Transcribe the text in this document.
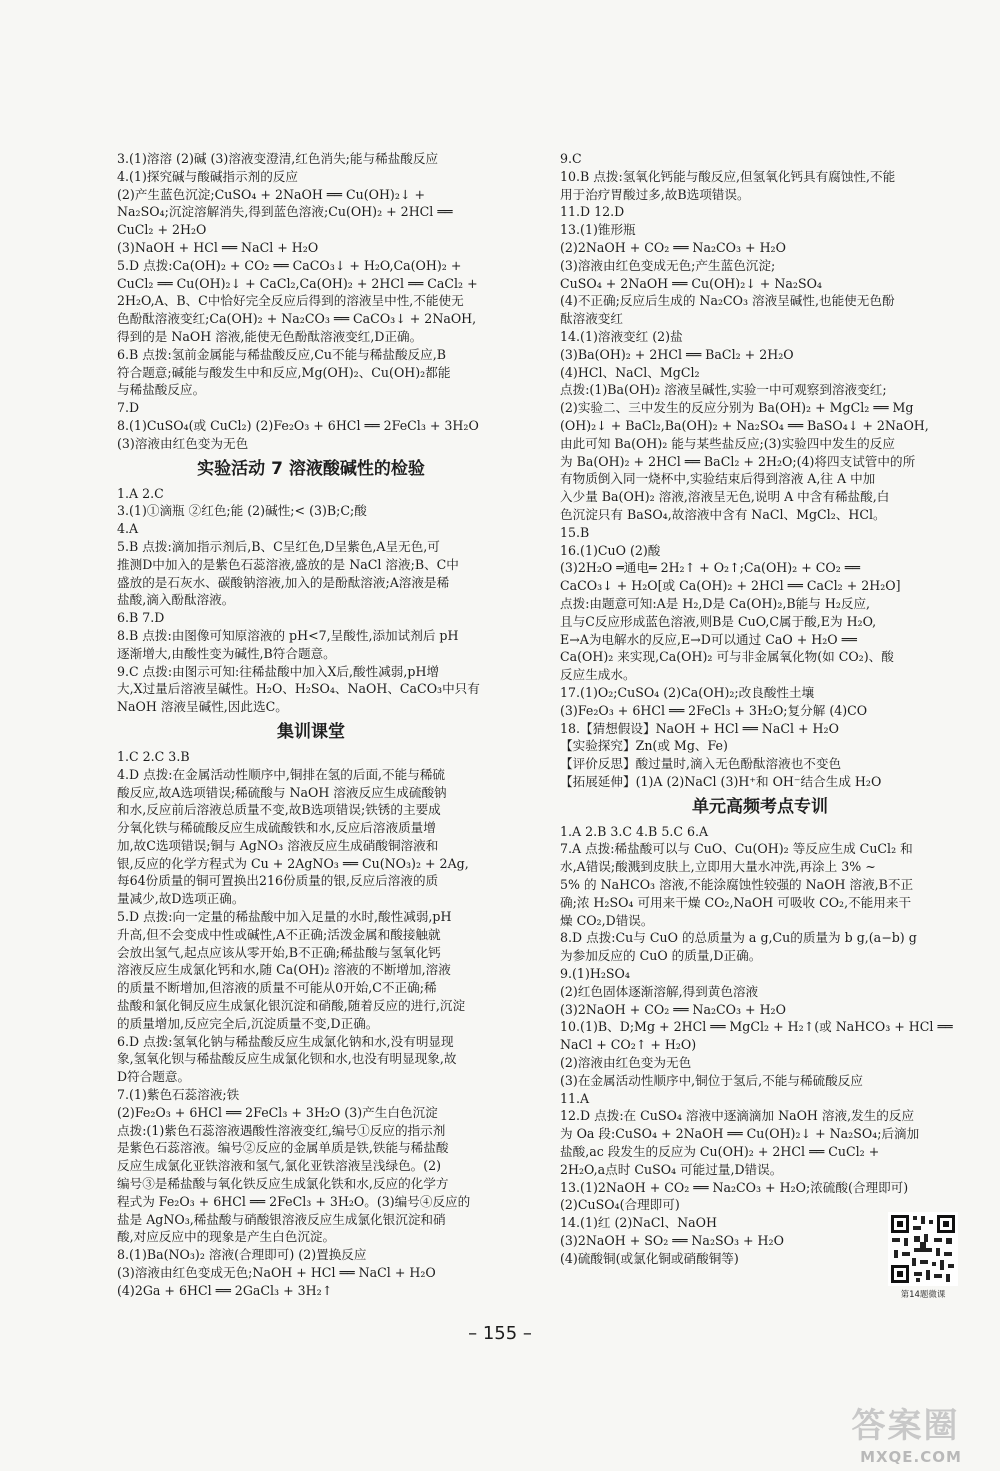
3.(1)溶溶 (2)碱 (3)溶液变澄清,红色消失;能与稀盐酸反应
4.(1)探究碱与酸碱指示剂的反应
(2)产生蓝色沉淀;CuSO₄ + 2NaOH ══ Cu(OH)₂↓ +
Na₂SO₄;沉淀溶解消失,得到蓝色溶液;Cu(OH)₂ + 2HCl ══
CuCl₂ + 2H₂O
(3)NaOH + HCl ══ NaCl + H₂O
5.D 点拨:Ca(OH)₂ + CO₂ ══ CaCO₃↓ + H₂O,Ca(OH)₂ +
CuCl₂ ══ Cu(OH)₂↓ + CaCl₂,Ca(OH)₂ + 2HCl ══ CaCl₂ +
2H₂O,A、B、C中恰好完全反应后得到的溶液呈中性,不能使无
色酚酞溶液变红;Ca(OH)₂ + Na₂CO₃ ══ CaCO₃↓ + 2NaOH,
得到的是 NaOH 溶液,能使无色酚酞溶液变红,D正确。
6.B 点拨:氢前金属能与稀盐酸反应,Cu不能与稀盐酸反应,B
符合题意;碱能与酸发生中和反应,Mg(OH)₂、Cu(OH)₂都能
与稀盐酸反应。
7.D
8.(1)CuSO₄(或 CuCl₂) (2)Fe₂O₃ + 6HCl ══ 2FeCl₃ + 3H₂O
(3)溶液由红色变为无色
实验活动 7 溶液酸碱性的检验
1.A 2.C
3.(1)①滴瓶 ②红色;能 (2)碱性;< (3)B;C;酸
4.A
5.B 点拨:滴加指示剂后,B、C呈红色,D呈紫色,A呈无色,可
推测D中加入的是紫色石蕊溶液,盛放的是 NaCl 溶液;B、C中
盛放的是石灰水、碳酸钠溶液,加入的是酚酞溶液;A溶液是稀
盐酸,滴入酚酞溶液。
6.B 7.D
8.B 点拨:由图像可知原溶液的 pH<7,呈酸性,添加试剂后 pH
逐渐增大,由酸性变为碱性,B符合题意。
9.C 点拨:由图示可知:往稀盐酸中加入X后,酸性减弱,pH增
大,X过量后溶液呈碱性。H₂O、H₂SO₄、NaOH、CaCO₃中只有
NaOH 溶液呈碱性,因此选C。
集训课堂
1.C 2.C 3.B
4.D 点拨:在金属活动性顺序中,铜排在氢的后面,不能与稀硫
酸反应,故A选项错误;稀硫酸与 NaOH 溶液反应生成硫酸钠
和水,反应前后溶液总质量不变,故B选项错误;铁锈的主要成
分氧化铁与稀硫酸反应生成硫酸铁和水,反应后溶液质量增
加,故C选项错误;铜与 AgNO₃ 溶液反应生成硝酸铜溶液和
银,反应的化学方程式为 Cu + 2AgNO₃ ══ Cu(NO₃)₂ + 2Ag,
每64份质量的铜可置换出216份质量的银,反应后溶液的质
量减少,故D选项正确。
5.D 点拨:向一定量的稀盐酸中加入足量的水时,酸性减弱,pH
升高,但不会变成中性或碱性,A不正确;活泼金属和酸接触就
会放出氢气,起点应该从零开始,B不正确;稀盐酸与氢氧化钙
溶液反应生成氯化钙和水,随 Ca(OH)₂ 溶液的不断增加,溶液
的质量不断增加,但溶液的质量不可能从0开始,C不正确;稀
盐酸和氯化铜反应生成氯化银沉淀和硝酸,随着反应的进行,沉淀
的质量增加,反应完全后,沉淀质量不变,D正确。
6.D 点拨:氢氧化钠与稀盐酸反应生成氯化钠和水,没有明显现
象,氢氧化钡与稀盐酸反应生成氯化钡和水,也没有明显现象,故
D符合题意。
7.(1)紫色石蕊溶液;铁
(2)Fe₂O₃ + 6HCl ══ 2FeCl₃ + 3H₂O (3)产生白色沉淀
点拨:(1)紫色石蕊溶液遇酸性溶液变红,编号①反应的指示剂
是紫色石蕊溶液。编号②反应的金属单质是铁,铁能与稀盐酸
反应生成氯化亚铁溶液和氢气,氯化亚铁溶液呈浅绿色。(2)
编号③是稀盐酸与氧化铁反应生成氯化铁和水,反应的化学方
程式为 Fe₂O₃ + 6HCl ══ 2FeCl₃ + 3H₂O。(3)编号④反应的
盐是 AgNO₃,稀盐酸与硝酸银溶液反应生成氯化银沉淀和硝
酸,对应反应中的现象是产生白色沉淀。
8.(1)Ba(NO₃)₂ 溶液(合理即可) (2)置换反应
(3)溶液由红色变成无色;NaOH + HCl ══ NaCl + H₂O
(4)2Ga + 6HCl ══ 2GaCl₃ + 3H₂↑
9.C
10.B 点拨:氢氧化钙能与酸反应,但氢氧化钙具有腐蚀性,不能
用于治疗胃酸过多,故B选项错误。
11.D 12.D
13.(1)锥形瓶
(2)2NaOH + CO₂ ══ Na₂CO₃ + H₂O
(3)溶液由红色变成无色;产生蓝色沉淀;
CuSO₄ + 2NaOH ══ Cu(OH)₂↓ + Na₂SO₄
(4)不正确;反应后生成的 Na₂CO₃ 溶液呈碱性,也能使无色酚
酞溶液变红
14.(1)溶液变红 (2)盐
(3)Ba(OH)₂ + 2HCl ══ BaCl₂ + 2H₂O
(4)HCl、NaCl、MgCl₂
点拨:(1)Ba(OH)₂ 溶液呈碱性,实验一中可观察到溶液变红;
(2)实验二、三中发生的反应分别为 Ba(OH)₂ + MgCl₂ ══ Mg
(OH)₂↓ + BaCl₂,Ba(OH)₂ + Na₂SO₄ ══ BaSO₄↓ + 2NaOH,
由此可知 Ba(OH)₂ 能与某些盐反应;(3)实验四中发生的反应
为 Ba(OH)₂ + 2HCl ══ BaCl₂ + 2H₂O;(4)将四支试管中的所
有物质倒入同一烧杯中,实验结束后得到溶液 A,往 A 中加
入少量 Ba(OH)₂ 溶液,溶液呈无色,说明 A 中含有稀盐酸,白
色沉淀只有 BaSO₄,故溶液中含有 NaCl、MgCl₂、HCl。
15.B
16.(1)CuO (2)酸
(3)2H₂O ═通电═ 2H₂↑ + O₂↑;Ca(OH)₂ + CO₂ ══
CaCO₃↓ + H₂O[或 Ca(OH)₂ + 2HCl ══ CaCl₂ + 2H₂O]
点拨:由题意可知:A是 H₂,D是 Ca(OH)₂,B能与 H₂反应,
且与C反应形成蓝色溶液,则B是 CuO,C属于酸,E为 H₂O,
E→A为电解水的反应,E→D可以通过 CaO + H₂O ══
Ca(OH)₂ 来实现,Ca(OH)₂ 可与非金属氧化物(如 CO₂)、酸
反应生成水。
17.(1)O₂;CuSO₄ (2)Ca(OH)₂;改良酸性土壤
(3)Fe₂O₃ + 6HCl ══ 2FeCl₃ + 3H₂O;复分解 (4)CO
18.【猜想假设】NaOH + HCl ══ NaCl + H₂O
【实验探究】Zn(或 Mg、Fe)
【评价反思】酸过量时,滴入无色酚酞溶液也不变色
【拓展延伸】(1)A (2)NaCl (3)H⁺和 OH⁻结合生成 H₂O
单元高频考点专训
1.A 2.B 3.C 4.B 5.C 6.A
7.A 点拨:稀盐酸可以与 CuO、Cu(OH)₂ 等反应生成 CuCl₂ 和
水,A错误;酸溅到皮肤上,立即用大量水冲洗,再涂上 3% ~
5% 的 NaHCO₃ 溶液,不能涂腐蚀性较强的 NaOH 溶液,B不正
确;浓 H₂SO₄ 可用来干燥 CO₂,NaOH 可吸收 CO₂,不能用来干
燥 CO₂,D错误。
8.D 点拨:Cu与 CuO 的总质量为 a g,Cu的质量为 b g,(a−b) g
为参加反应的 CuO 的质量,D正确。
9.(1)H₂SO₄
(2)红色固体逐渐溶解,得到黄色溶液
(3)2NaOH + CO₂ ══ Na₂CO₃ + H₂O
10.(1)B、D;Mg + 2HCl ══ MgCl₂ + H₂↑(或 NaHCO₃ + HCl ══
NaCl + CO₂↑ + H₂O)
(2)溶液由红色变为无色
(3)在金属活动性顺序中,铜位于氢后,不能与稀硫酸反应
11.A
12.D 点拨:在 CuSO₄ 溶液中逐滴滴加 NaOH 溶液,发生的反应
为 Oa 段:CuSO₄ + 2NaOH ══ Cu(OH)₂↓ + Na₂SO₄;后滴加
盐酸,ac 段发生的反应为 Cu(OH)₂ + 2HCl ══ CuCl₂ +
2H₂O,a点时 CuSO₄ 可能过量,D错误。
13.(1)2NaOH + CO₂ ══ Na₂CO₃ + H₂O;浓硫酸(合理即可)
(2)CuSO₄(合理即可)
14.(1)红 (2)NaCl、NaOH
(3)2NaOH + SO₂ ══ Na₂SO₃ + H₂O
(4)硫酸铜(或氯化铜或硝酸铜等)
第14题微课
– 155 –
答案圈
MXQE.COM
